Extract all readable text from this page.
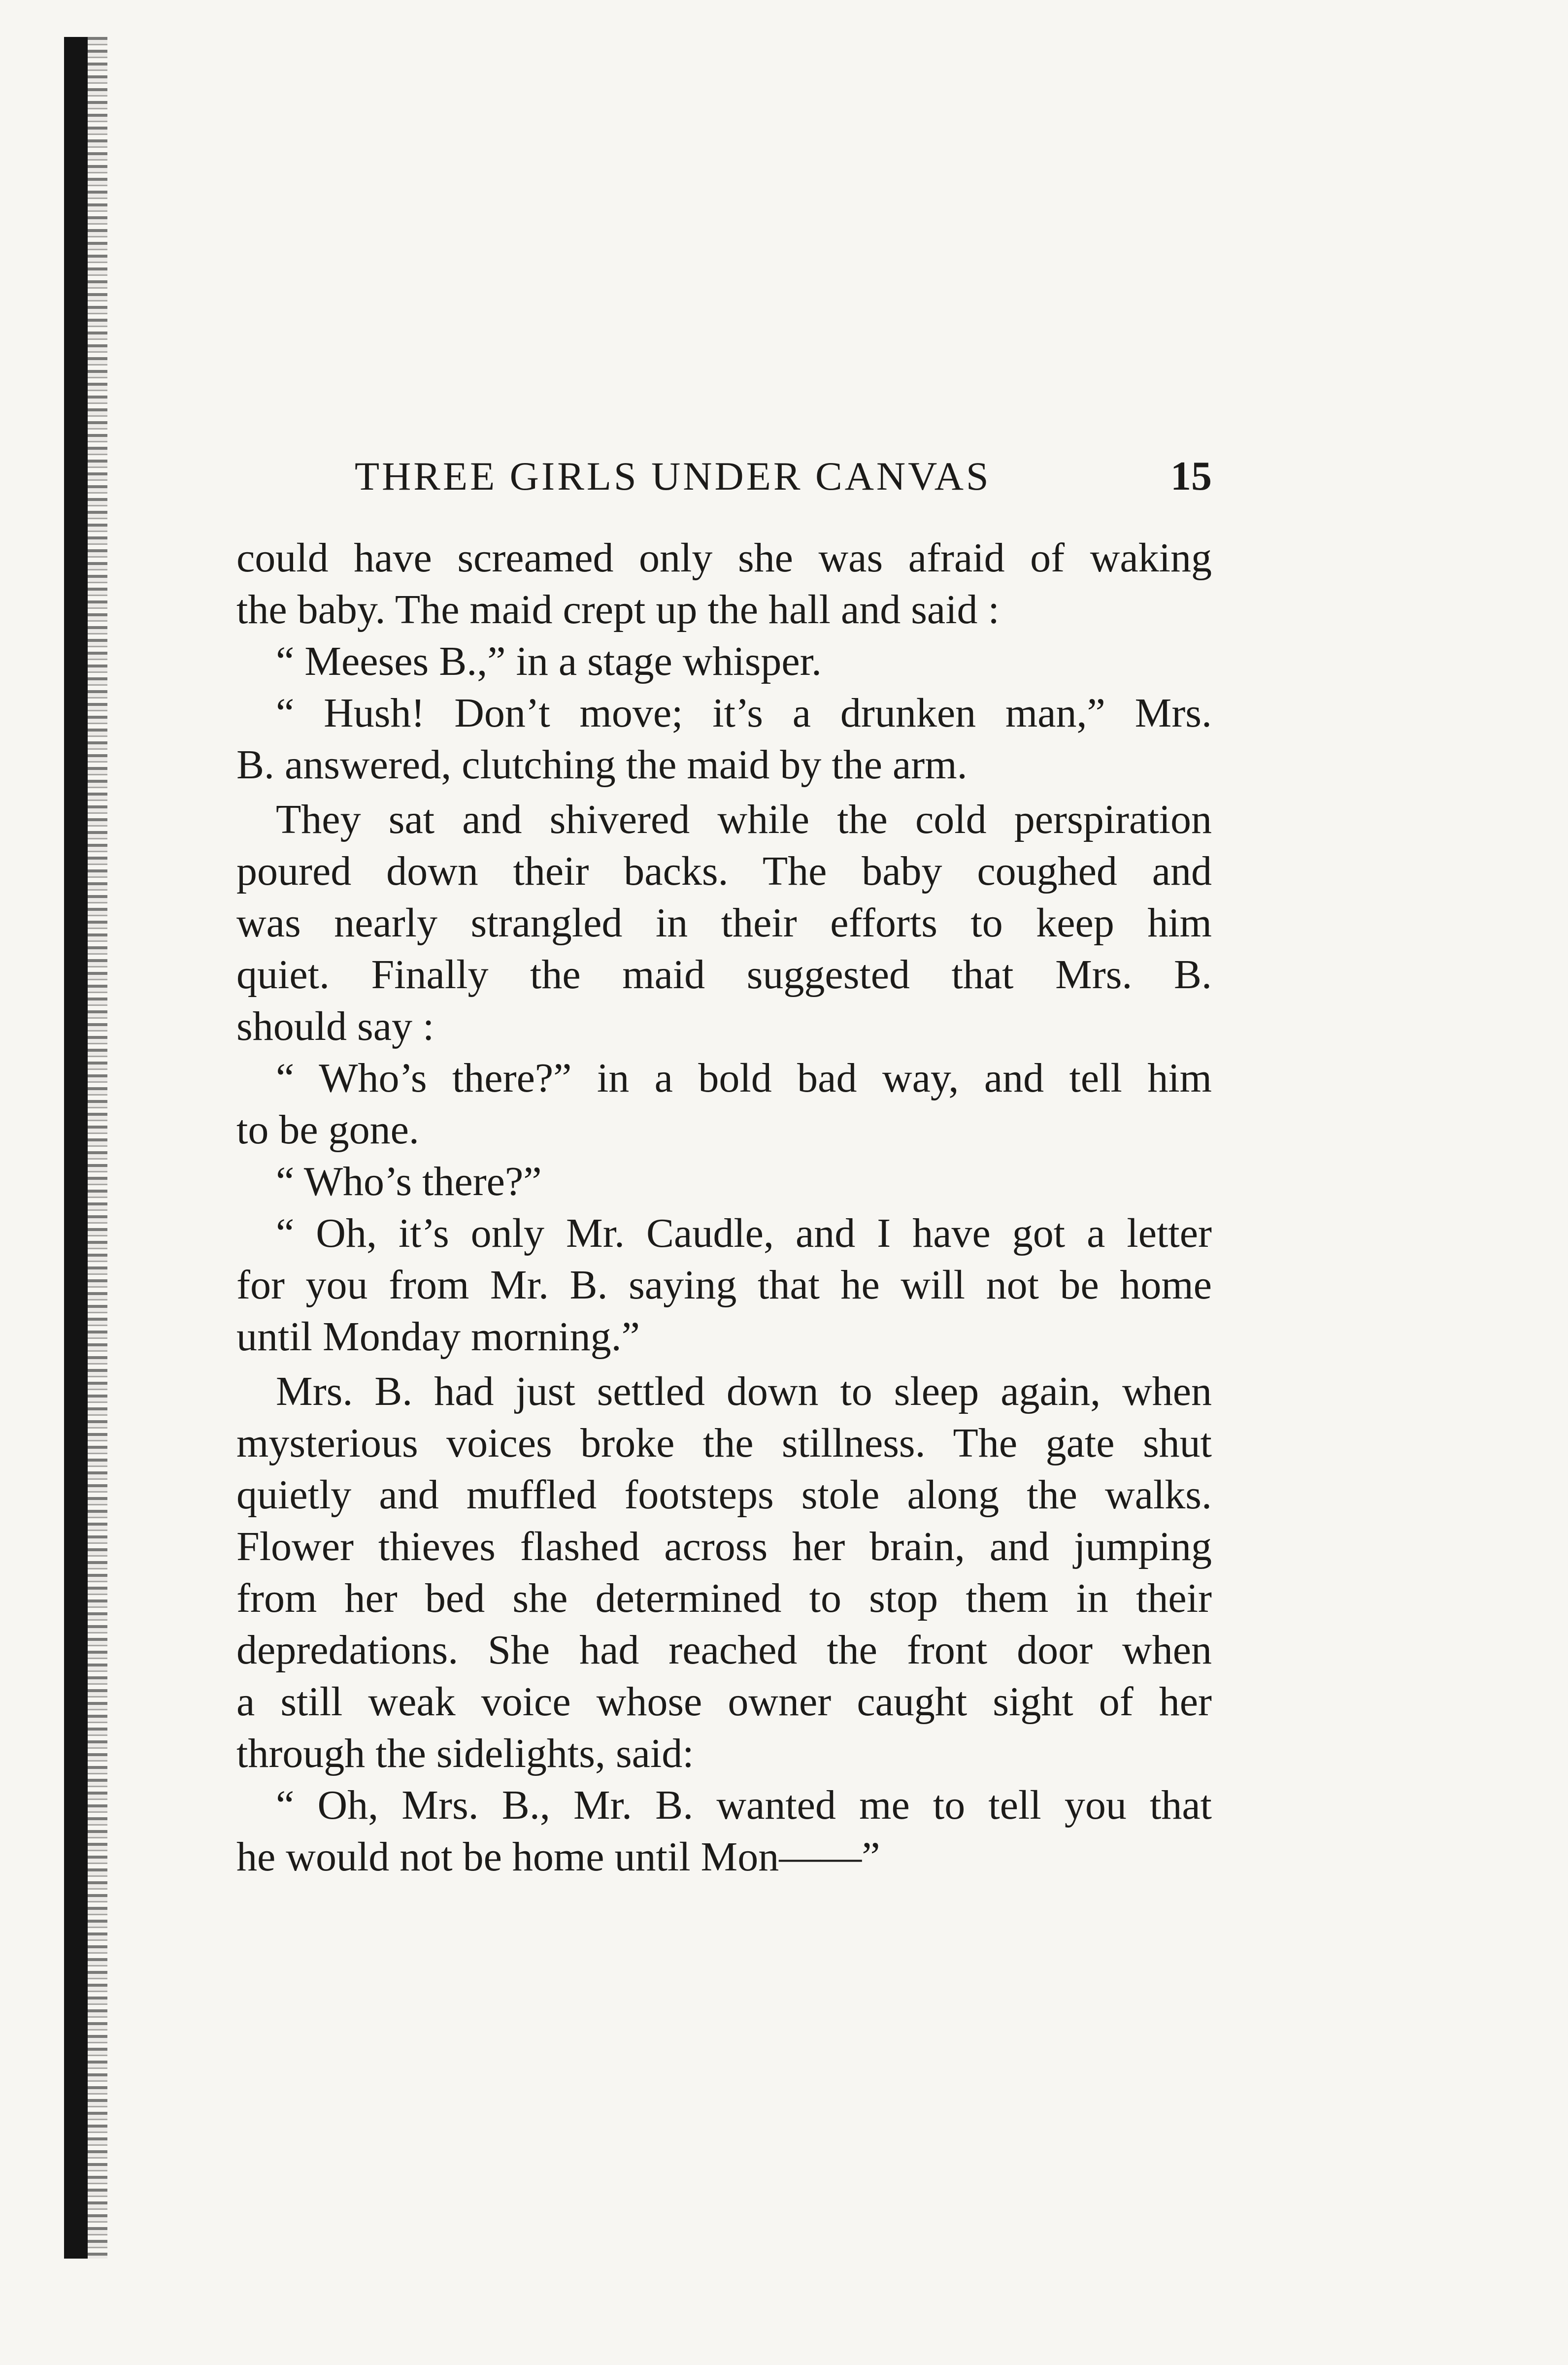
THREE GIRLS UNDER CANVAS	15
could have screamed only she was afraid of waking
the baby. The maid crept up the hall and said :
“ Meeses B.,” in a stage whisper.
“ Hush! Don’t move; it’s a drunken man,” Mrs.
B. answered, clutching the maid by the arm.
They sat and shivered while the cold perspiration
poured down their backs. The baby coughed and
was nearly strangled in their efforts to keep him
quiet. Finally the maid suggested that Mrs. B.
should say :
“ Who’s there?” in a bold bad way, and tell him
to be gone.
“ Who’s there?”
“ Oh, it’s only Mr. Caudle, and I have got a letter
for you from Mr. B. saying that he will not be home
until Monday morning.”
Mrs. B. had just settled down to sleep again, when
mysterious voices broke the stillness. The gate shut
quietly and muffled footsteps stole along the walks.
Flower thieves flashed across her brain, and jumping
from her bed she determined to stop them in their
depredations. She had reached the front door when
a still weak voice whose owner caught sight of her
through the sidelights, said:
“ Oh, Mrs. B., Mr. B. wanted me to tell you that
he would not be home until Mon——”
